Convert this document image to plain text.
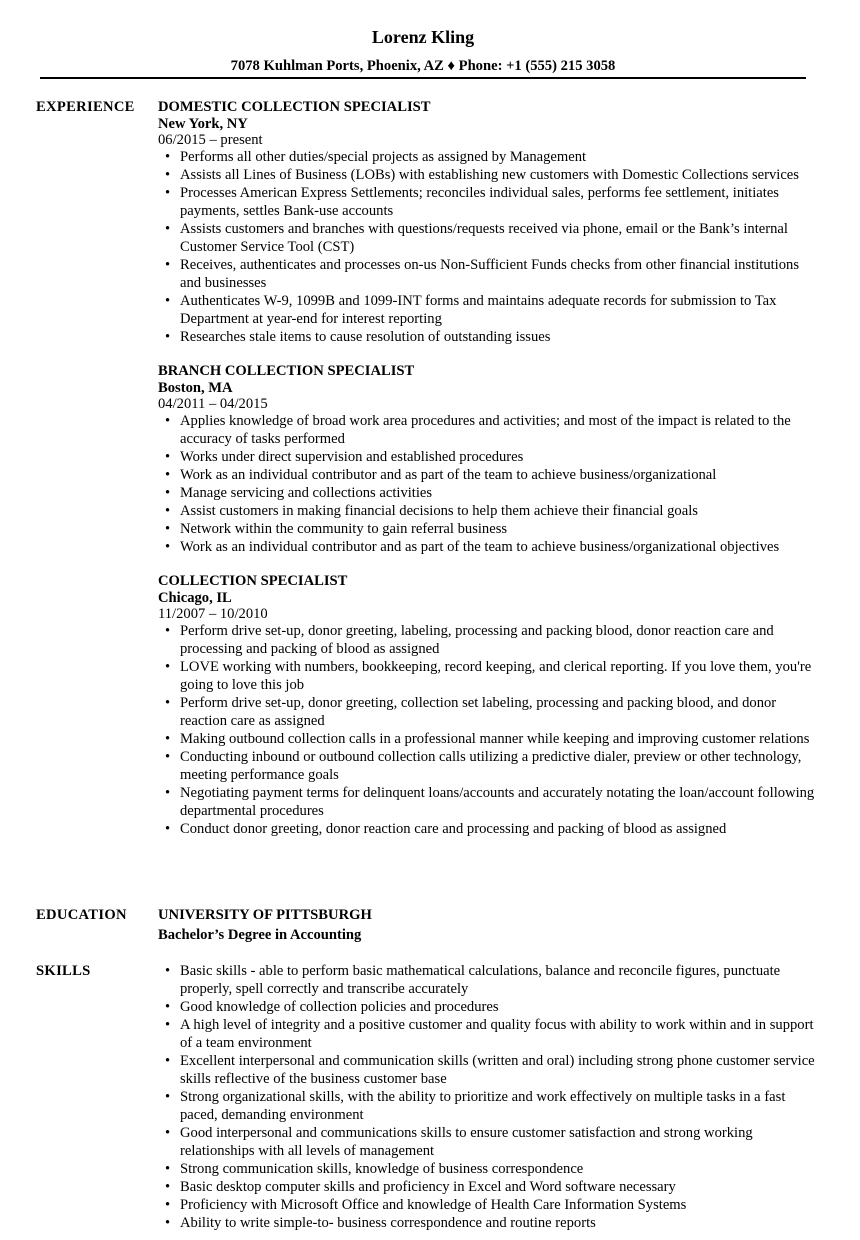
Lorenz Kling
7078 Kuhlman Ports, Phoenix, AZ ♦ Phone: +1 (555) 215 3058
EXPERIENCE DOMESTIC COLLECTION SPECIALIST
New York, NY
06/2015 – present
• Performs all other duties/special projects as assigned by Management
• Assists all Lines of Business (LOBs) with establishing new customers with Domestic Collections services
• Processes American Express Settlements; reconciles individual sales, performs fee settlement, initiates payments, settles Bank-use accounts
• Assists customers and branches with questions/requests received via phone, email or the Bank’s internal Customer Service Tool (CST)
• Receives, authenticates and processes on-us Non-Sufficient Funds checks from other financial institutions and businesses
• Authenticates W-9, 1099B and 1099-INT forms and maintains adequate records for submission to Tax Department at year-end for interest reporting
• Researches stale items to cause resolution of outstanding issues
BRANCH COLLECTION SPECIALIST
Boston, MA
04/2011 – 04/2015
• Applies knowledge of broad work area procedures and activities; and most of the impact is related to the accuracy of tasks performed
• Works under direct supervision and established procedures
• Work as an individual contributor and as part of the team to achieve business/organizational
• Manage servicing and collections activities
• Assist customers in making financial decisions to help them achieve their financial goals
• Network within the community to gain referral business
• Work as an individual contributor and as part of the team to achieve business/organizational objectives
COLLECTION SPECIALIST
Chicago, IL
11/2007 – 10/2010
• Perform drive set-up, donor greeting, labeling, processing and packing blood, donor reaction care and processing and packing of blood as assigned
• LOVE working with numbers, bookkeeping, record keeping, and clerical reporting. If you love them, you're going to love this job
• Perform drive set-up, donor greeting, collection set labeling, processing and packing blood, and donor reaction care as assigned
• Making outbound collection calls in a professional manner while keeping and improving customer relations
• Conducting inbound or outbound collection calls utilizing a predictive dialer, preview or other technology, meeting performance goals
• Negotiating payment terms for delinquent loans/accounts and accurately notating the loan/account following departmental procedures
• Conduct donor greeting, donor reaction care and processing and packing of blood as assigned
EDUCATION UNIVERSITY OF PITTSBURGH
Bachelor’s Degree in Accounting
SKILLS
•	Basic skills - able to perform basic mathematical calculations, balance and reconcile figures, punctuate properly, spell correctly and transcribe accurately
• Good knowledge of collection policies and procedures
• A high level of integrity and a positive customer and quality focus with ability to work within and in support of a team environment
• Excellent interpersonal and communication skills (written and oral) including strong phone customer service skills reflective of the business customer base
• Strong organizational skills, with the ability to prioritize and work effectively on multiple tasks in a fast paced, demanding environment
• Good interpersonal and communications skills to ensure customer satisfaction and strong working relationships with all levels of management
• Strong communication skills, knowledge of business correspondence
• Basic desktop computer skills and proficiency in Excel and Word software necessary
• Proficiency with Microsoft Office and knowledge of Health Care Information Systems
• Ability to write simple-to- business correspondence and routine reports
